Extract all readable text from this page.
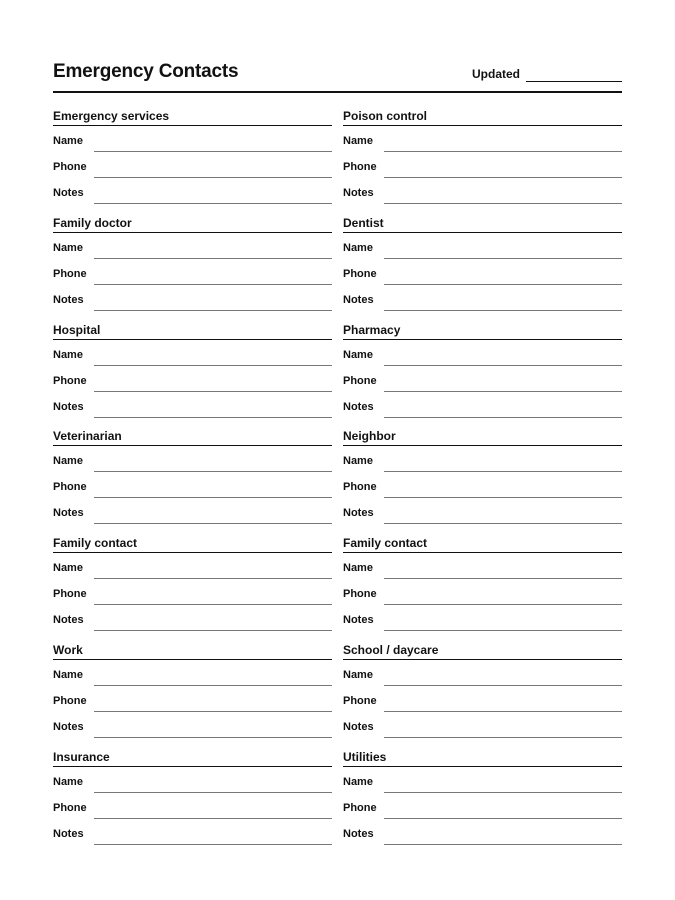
Emergency Contacts	Updated
Emergency services
Name
Phone
Notes
Poison control
Name
Phone
Notes
Family doctor
Name
Phone
Notes
Dentist
Name
Phone
Notes
Hospital
Name
Phone
Notes
Pharmacy
Name
Phone
Notes
Veterinarian
Name
Phone
Notes
Neighbor
Name
Phone
Notes
Family contact
Name
Phone
Notes
Family contact
Name
Phone
Notes
Work
Name
Phone
Notes
School / daycare
Name
Phone
Notes
Insurance
Name
Phone
Notes
Utilities
Name
Phone
Notes
